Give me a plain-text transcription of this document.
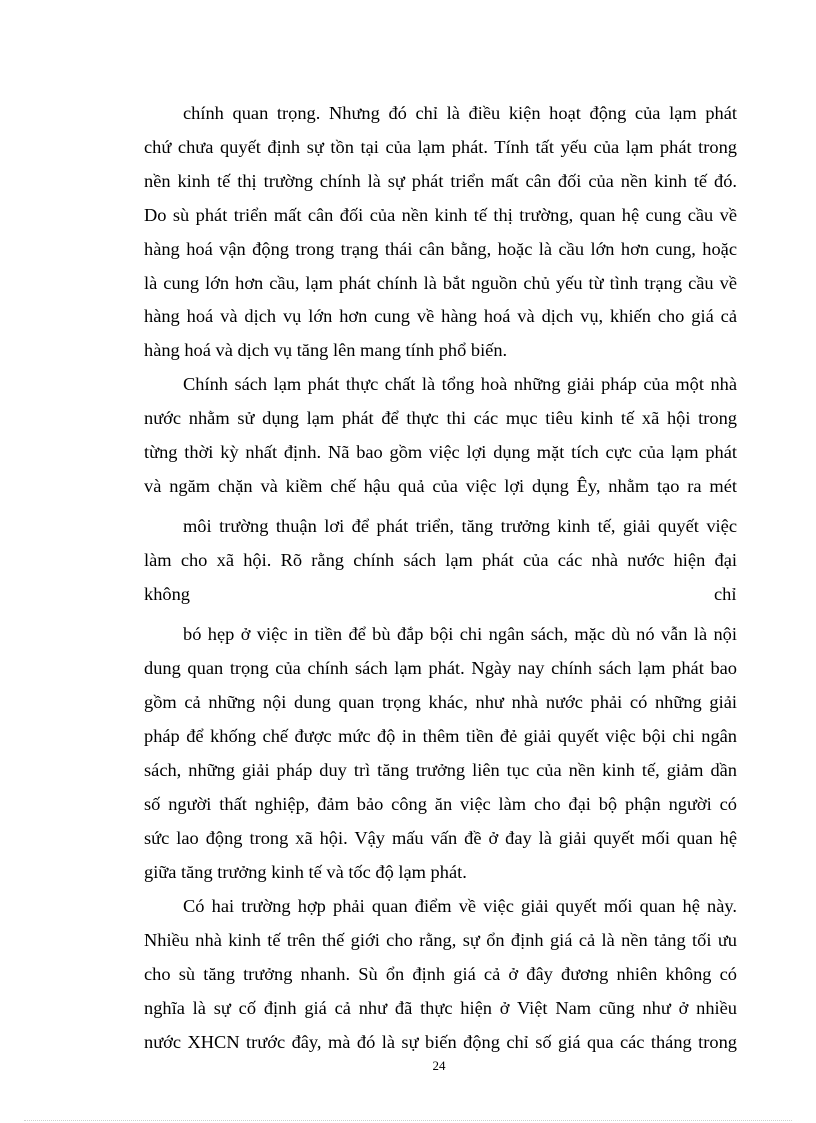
chính quan trọng. Nhưng đó chỉ là điều kiện hoạt động của lạm phát
chứ chưa quyết định sự tồn tại của lạm phát. Tính tất yếu của lạm phát trong
nền kinh tế thị trường chính là sự phát triển mất cân đối của nền kinh tế đó.
Do sù phát triển mất cân đối của nền kinh tế thị trường, quan hệ cung cầu về
hàng hoá vận động trong trạng thái cân bằng, hoặc là cầu lớn hơn cung, hoặc
là cung lớn hơn cầu, lạm phát chính là bắt nguồn chủ yếu từ tình trạng cầu về
hàng hoá và dịch vụ lớn hơn cung về hàng hoá và dịch vụ, khiến cho giá cả
hàng hoá và dịch vụ tăng lên mang tính phổ biến.
Chính sách lạm phát thực chất là tổng hoà những giải pháp của một nhà
nước nhằm sử dụng lạm phát để thực thi các mục tiêu kinh tế xã hội trong
từng thời kỳ nhất định. Nã bao gồm việc lợi dụng mặt tích cực của lạm phát
và ngăm chặn và kiềm chế hậu quả của việc lợi dụng Êy, nhằm tạo ra mét
môi trường thuận lơi để phát triển, tăng trưởng kinh tế, giải quyết việc
làm cho xã hội. Rõ rằng chính sách lạm phát của các nhà nước hiện đại
không	chỉ
bó hẹp ở việc in tiền để bù đắp bội chi ngân sách, mặc dù nó vẫn là nội
dung quan trọng của chính sách lạm phát. Ngày nay chính sách lạm phát bao
gồm cả những nội dung quan trọng khác, như nhà nước phải có những giải
pháp để khống chế được mức độ in thêm tiền đẻ giải quyết việc bội chi ngân
sách, những giải pháp duy trì tăng trưởng liên tục của nền kinh tế, giảm dần
số người thất nghiệp, đảm bảo công ăn việc làm cho đại bộ phận người có
sức lao động trong xã hội. Vậy mấu vấn đề ở đay là giải quyết mối quan hệ
giữa tăng trưởng kinh tế và tốc độ lạm phát.
Có hai trường hợp phải quan điểm về việc giải quyết mối quan hệ này.
Nhiều nhà kinh tế trên thế giới cho rằng, sự ổn định giá cả là nền tảng tối ưu
cho sù tăng trưởng nhanh. Sù ổn định giá cả ở đây đương nhiên không có
nghĩa là sự cố định giá cả như đã thực hiện ở Việt Nam cũng như ở nhiều
nước XHCN trước đây, mà đó là sự biến động chỉ số giá qua các tháng trong
24
